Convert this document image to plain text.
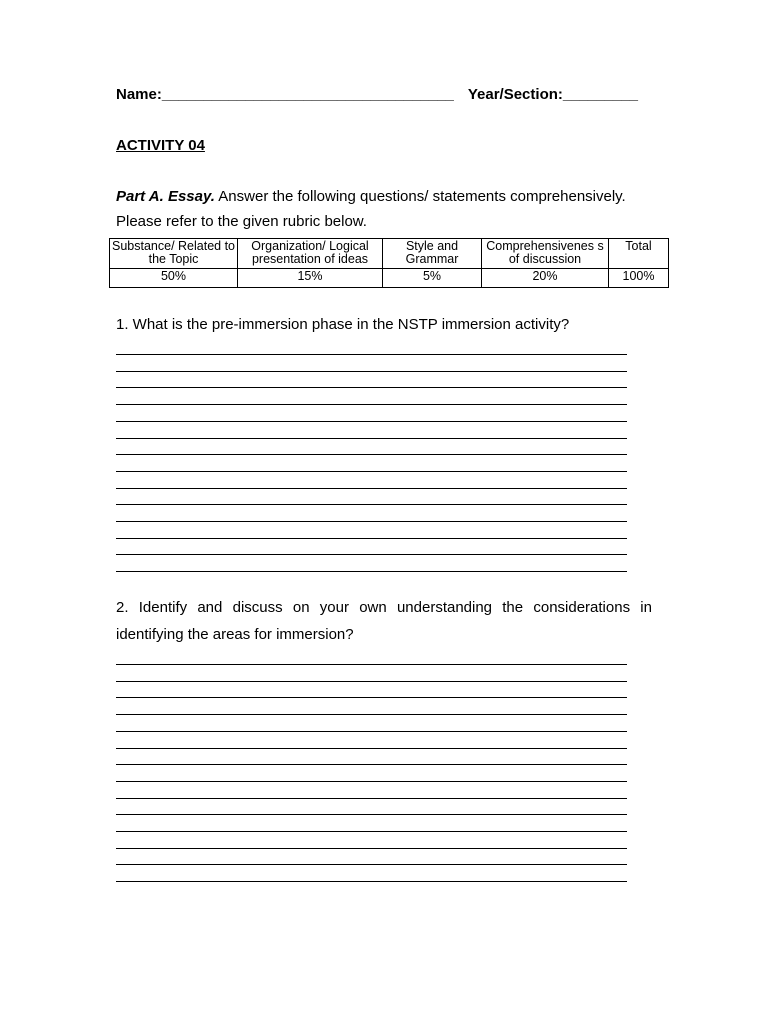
Name:___________________________________ Year/Section:_________
ACTIVITY 04
Part A. Essay. Answer the following questions/ statements comprehensively. Please refer to the given rubric below.
Substance/ Related to the Topic	Organization/ Logical presentation of ideas	Style and Grammar	Comprehensivenes s of discussion	Total
50%	15%	5%	20%	100%
1. What is the pre-immersion phase in the NSTP immersion activity?
2. Identify and discuss on your own understanding the considerations in identifying the areas for immersion?
